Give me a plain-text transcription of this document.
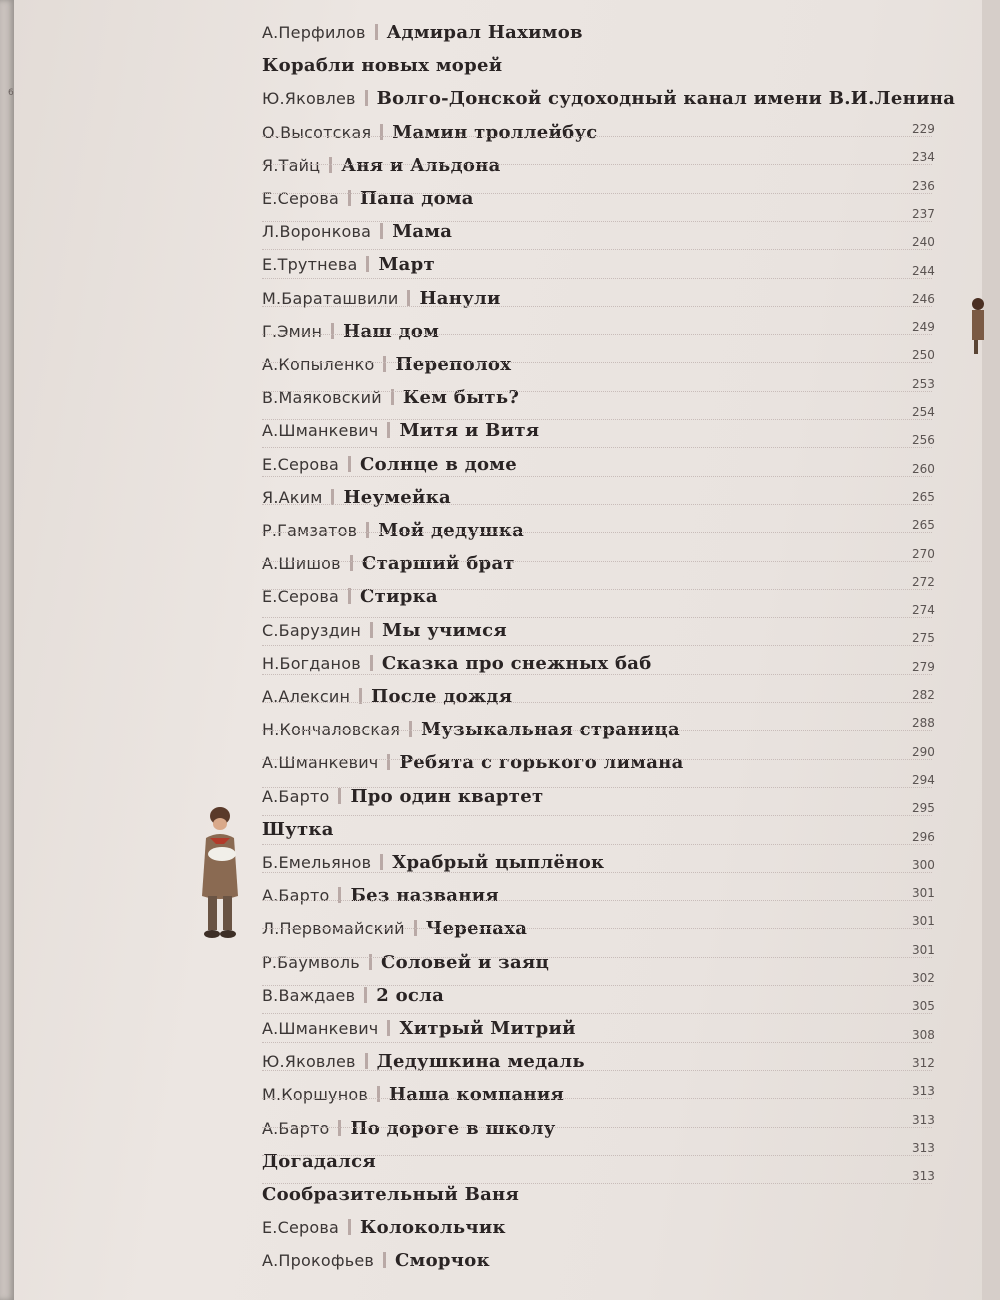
6
А.Перфилов Адмирал Нахимов
Корабли новых морей
Ю.Яковлев Волго-Донской судоходный канал имени В.И.Ленина
О.Высотская Мамин троллейбус
Я.Тайц Аня и Альдона
Е.Серова Папа дома
Л.Воронкова Мама
Е.Трутнева Март
М.Бараташвили Нанули
Г.Эмин Наш дом
А.Копыленко Переполох
В.Маяковский Кем быть?
А.Шманкевич Митя и Витя
Е.Серова Солнце в доме
Я.Аким Неумейка
Р.Гамзатов Мой дедушка
А.Шишов Старший брат
Е.Серова Стирка
С.Баруздин Мы учимся
Н.Богданов Сказка про снежных баб
А.Алексин После дождя
Н.Кончаловская Музыкальная страница
А.Шманкевич Ребята с горького лимана
А.Барто Про один квартет
Шутка
Б.Емельянов Храбрый цыплёнок
А.Барто Без названия
Л.Первомайский Черепаха
Р.Баумволь Соловей и заяц
В.Важдаев 2 осла
А.Шманкевич Хитрый Митрий
Ю.Яковлев Дедушкина медаль
М.Коршунов Наша компания
А.Барто По дороге в школу
Догадался
Сообразительный Ваня
Е.Серова Колокольчик
А.Прокофьев Сморчок
229
234
236
237
240
244
246
249
250
253
254
256
260
265
265
270
272
274
275
279
282
288
290
294
295
296
300
301
301
301
302
305
308
312
313
313
313
313
